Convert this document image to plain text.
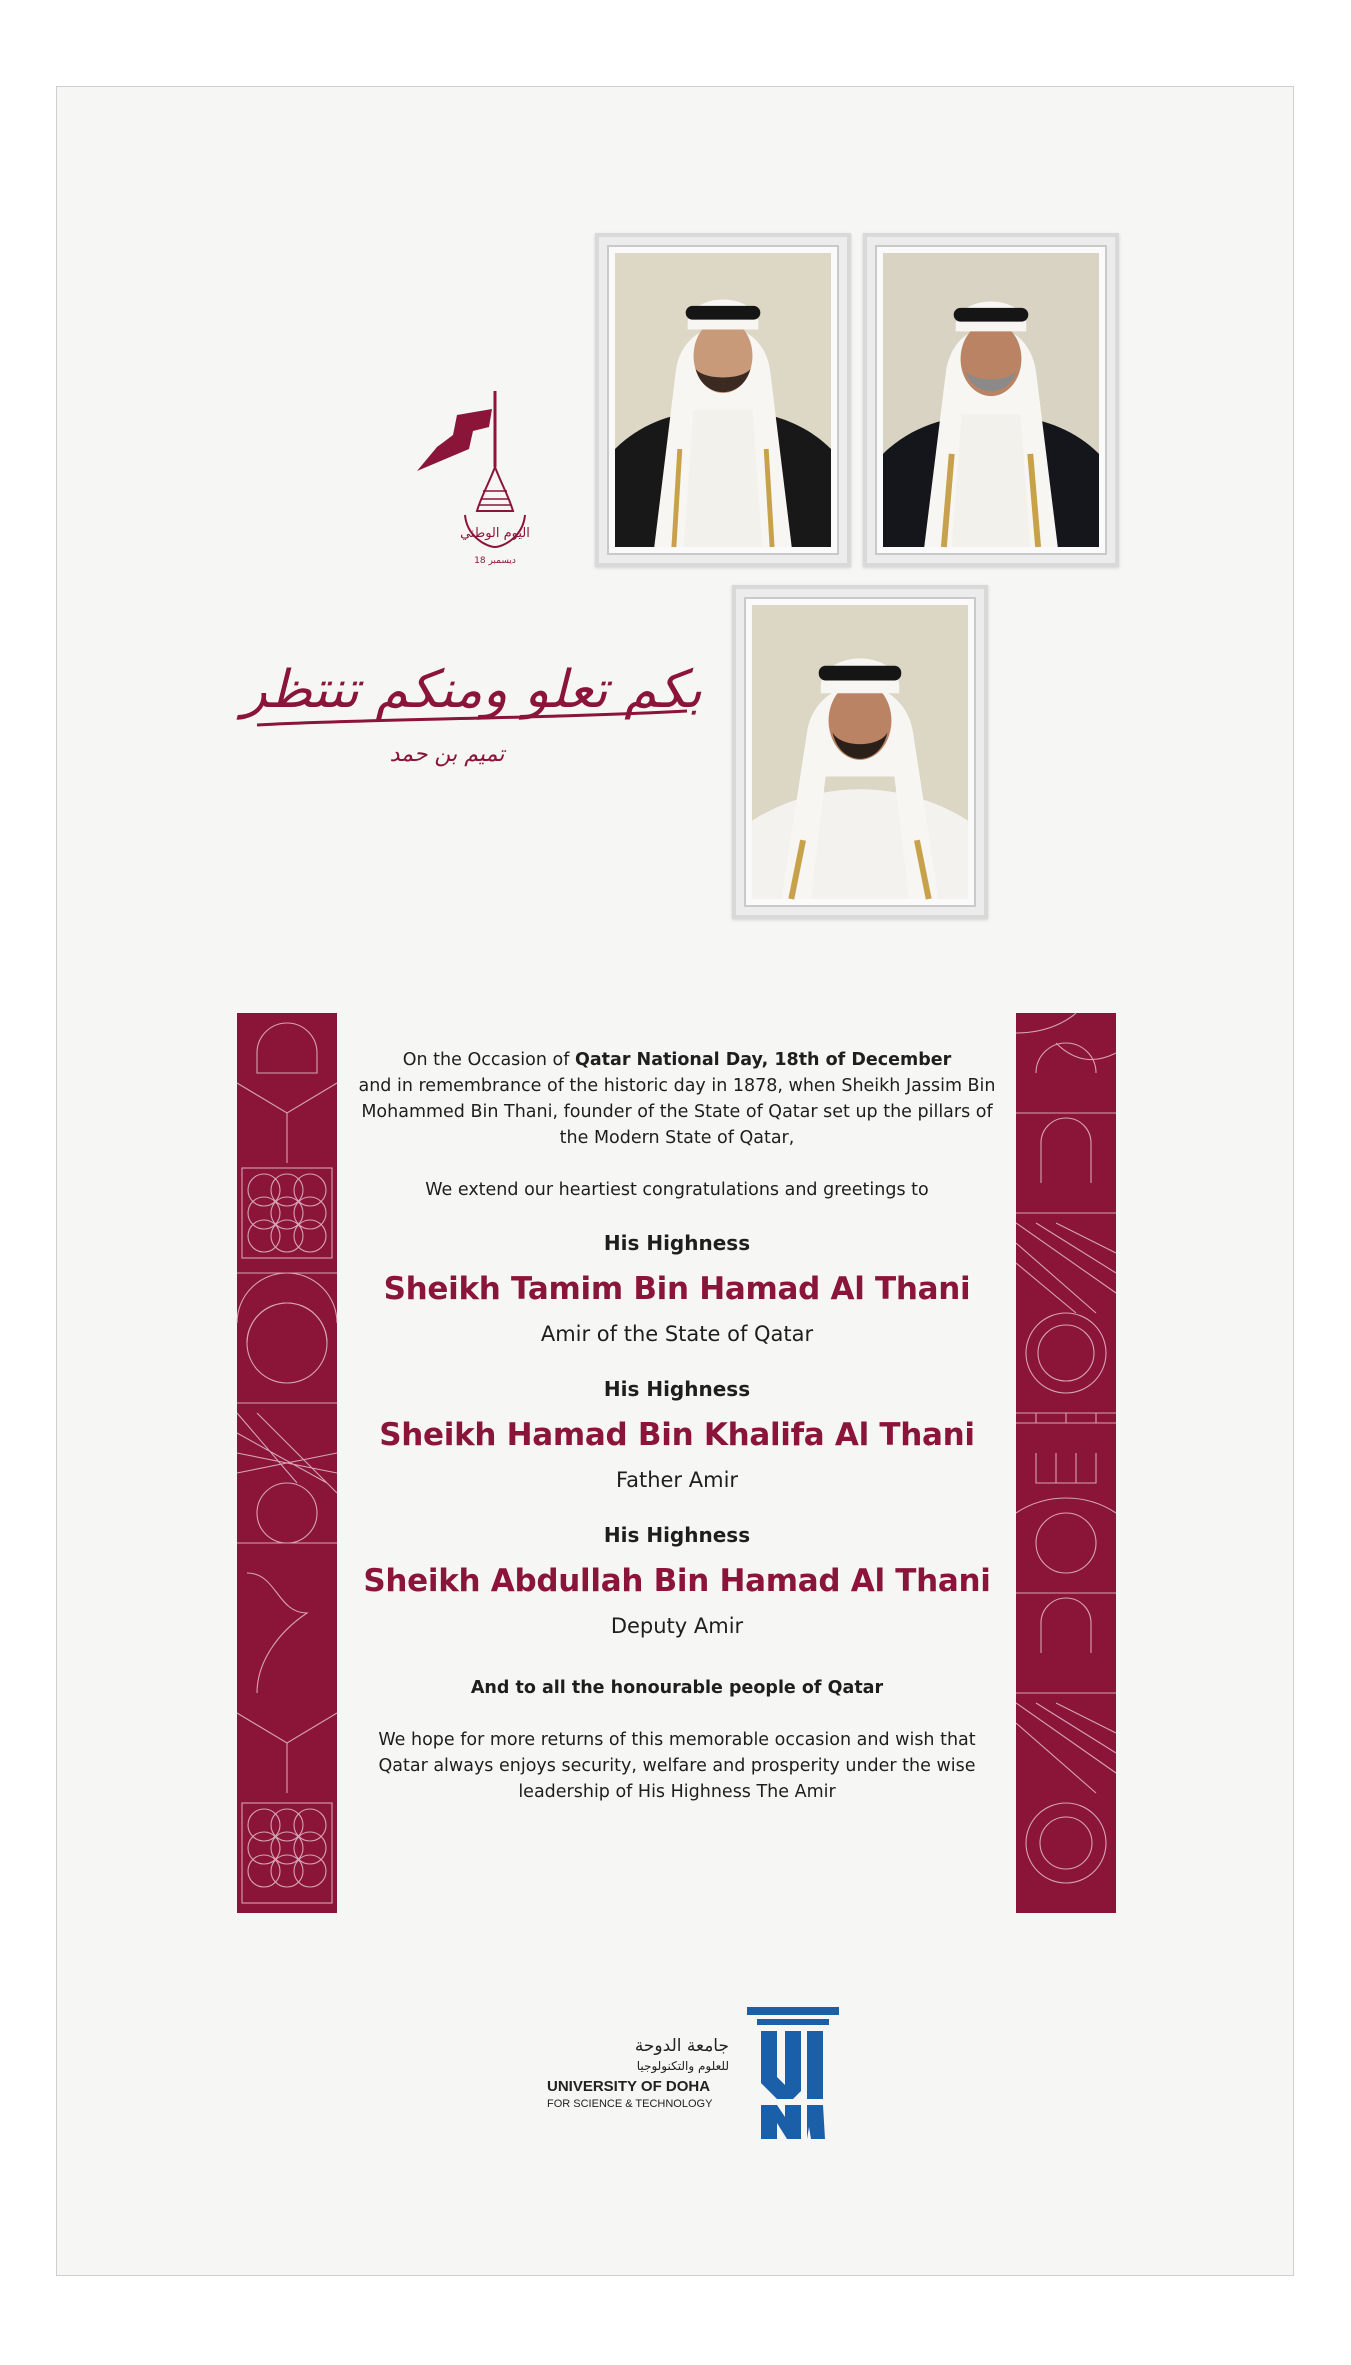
اليوم الوطني
18 ديسمبر
بكم تعلو ومنكم تنتظر
تميم بن حمد

On the Occasion of Qatar National Day, 18th of December
and in remembrance of the historic day in 1878, when Sheikh Jassim Bin Mohammed Bin Thani, founder of the State of Qatar set up the pillars of the Modern State of Qatar,

We extend our heartiest congratulations and greetings to

His Highness

Sheikh Tamim Bin Hamad Al Thani

Amir of the State of Qatar

His Highness

Sheikh Hamad Bin Khalifa Al Thani

Father Amir

His Highness

Sheikh Abdullah Bin Hamad Al Thani

Deputy Amir

And to all the honourable people of Qatar

We hope for more returns of this memorable occasion and wish that Qatar always enjoys security, welfare and prosperity under the wise leadership of His Highness The Amir

جامعة الدوحة
للعلوم والتكنولوجيا
UNIVERSITY OF DOHA
FOR SCIENCE & TECHNOLOGY
